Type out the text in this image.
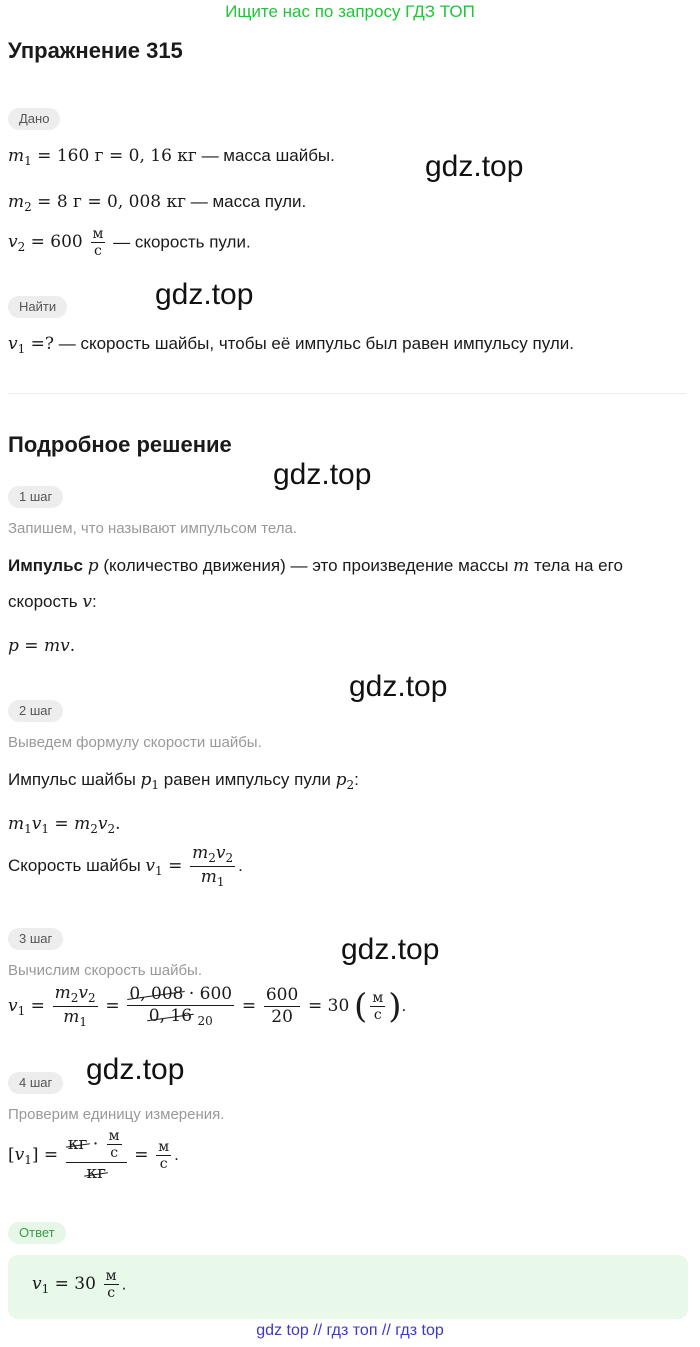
Ищите нас по запросу ГДЗ ТОП
Упражнение 315
Дано
$m_1 = 160$ г = 0, 16 кг — масса шайбы.
$m_2 = 8$ г = 0, 008 кг — масса пули.
$v_2 = 600 \frac{м}{с}$ — скорость пули.
Найти
$v_1$ =? — скорость шайбы, чтобы её импульс был равен импульсу пули.
Подробное решение
1 шаг
Запишем, что называют импульсом тела.
Импульс p (количество движения) — это произведение массы m тела на его
скорость v:
p = mv.
2 шаг
Выведем формулу скорости шайбы.
Импульс шайбы $p_1$ равен импульсу пули $p_2$:
$m_1v_1 = m_2v_2$.
Скорость шайбы $v_1 = \frac{m_2v_2}{m_1}$ .
3 шаг
Вычислим скорость шайбы.
$v_1 = \frac{m_2v_2}{m_1} = \frac{0, 008 \cdot 600}{0, 16 _{20}} = \frac{600}{20} = 30$ ( $\frac{м}{с}$ ).
4 шаг
Проверим единицу измерения.
$[v_1] = \frac{кг \cdot \frac{м}{с}}{кг} = \frac{м}{с}$ .
Ответ
$v_1 = 30 \frac{м}{с}$ .
gdz.top
gdz.top
gdz.top
gdz.top
gdz.top
gdz.top
gdz top // гдз топ // гдз top
